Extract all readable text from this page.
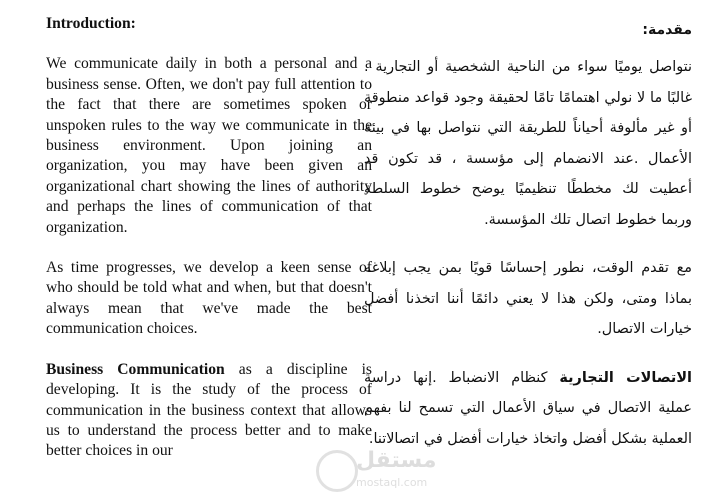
Introduction:

We communicate daily in both a personal and a business sense. Often, we don't pay full attention to the fact that there are sometimes spoken or unspoken rules to the way we communicate in the business environment. Upon joining an organization, you may have been given an organizational chart showing the lines of authority and perhaps the lines of communication of that organization.

As time progresses, we develop a keen sense of who should be told what and when, but that doesn't always mean that we've made the best communication choices.

Business Communication as a discipline is developing. It is the study of the process of communication in the business context that allows us to understand the process better and to make better choices in our

مقدمة:

نتواصل يوميًا سواء من الناحية الشخصية أو التجارية . غالبًا ما لا نولي اهتمامًا تامًا لحقيقة وجود قواعد منطوقة أو غير مألوفة أحياناً للطريقة التي نتواصل بها في بيئة الأعمال .عند الانضمام إلى مؤسسة ، قد تكون قد أعطيت لك مخططًا تنظيميًا يوضح خطوط السلطة وربما خطوط اتصال تلك المؤسسة.

مع تقدم الوقت، نطور إحساسًا قويًا بمن يجب إبلاغه بماذا ومتى، ولكن هذا لا يعني دائمًا أننا اتخذنا أفضل خيارات الاتصال.

الاتصالات التجارية كنظام الانضباط .إنها دراسة عملية الاتصال في سياق الأعمال التي تسمح لنا بفهم العملية بشكل أفضل واتخاذ خيارات أفضل في اتصالاتنا.

مستقل
mostaql.com
